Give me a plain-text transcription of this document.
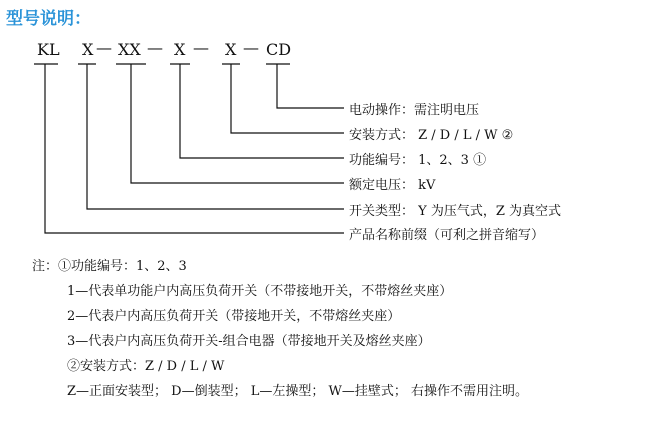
型号说明：
KL X — XX — X — X — CD
电动操作：需注明电压
安装方式： Z / D / L / W ②
功能编号： 1、2、3 ①
额定电压： kV
开关类型： Y 为压气式，Z 为真空式
产品名称前缀（可利之拼音缩写）
注：①功能编号：1、2、3
1—代表单功能户内高压负荷开关（不带接地开关，不带熔丝夹座）
2—代表户内高压负荷开关（带接地开关，不带熔丝夹座）
3—代表户内高压负荷开关-组合电器（带接地开关及熔丝夹座）
②安装方式：Z / D / L / W
Z—正面安装型； D—倒装型； L—左操型； W—挂壁式； 右操作不需用注明。
